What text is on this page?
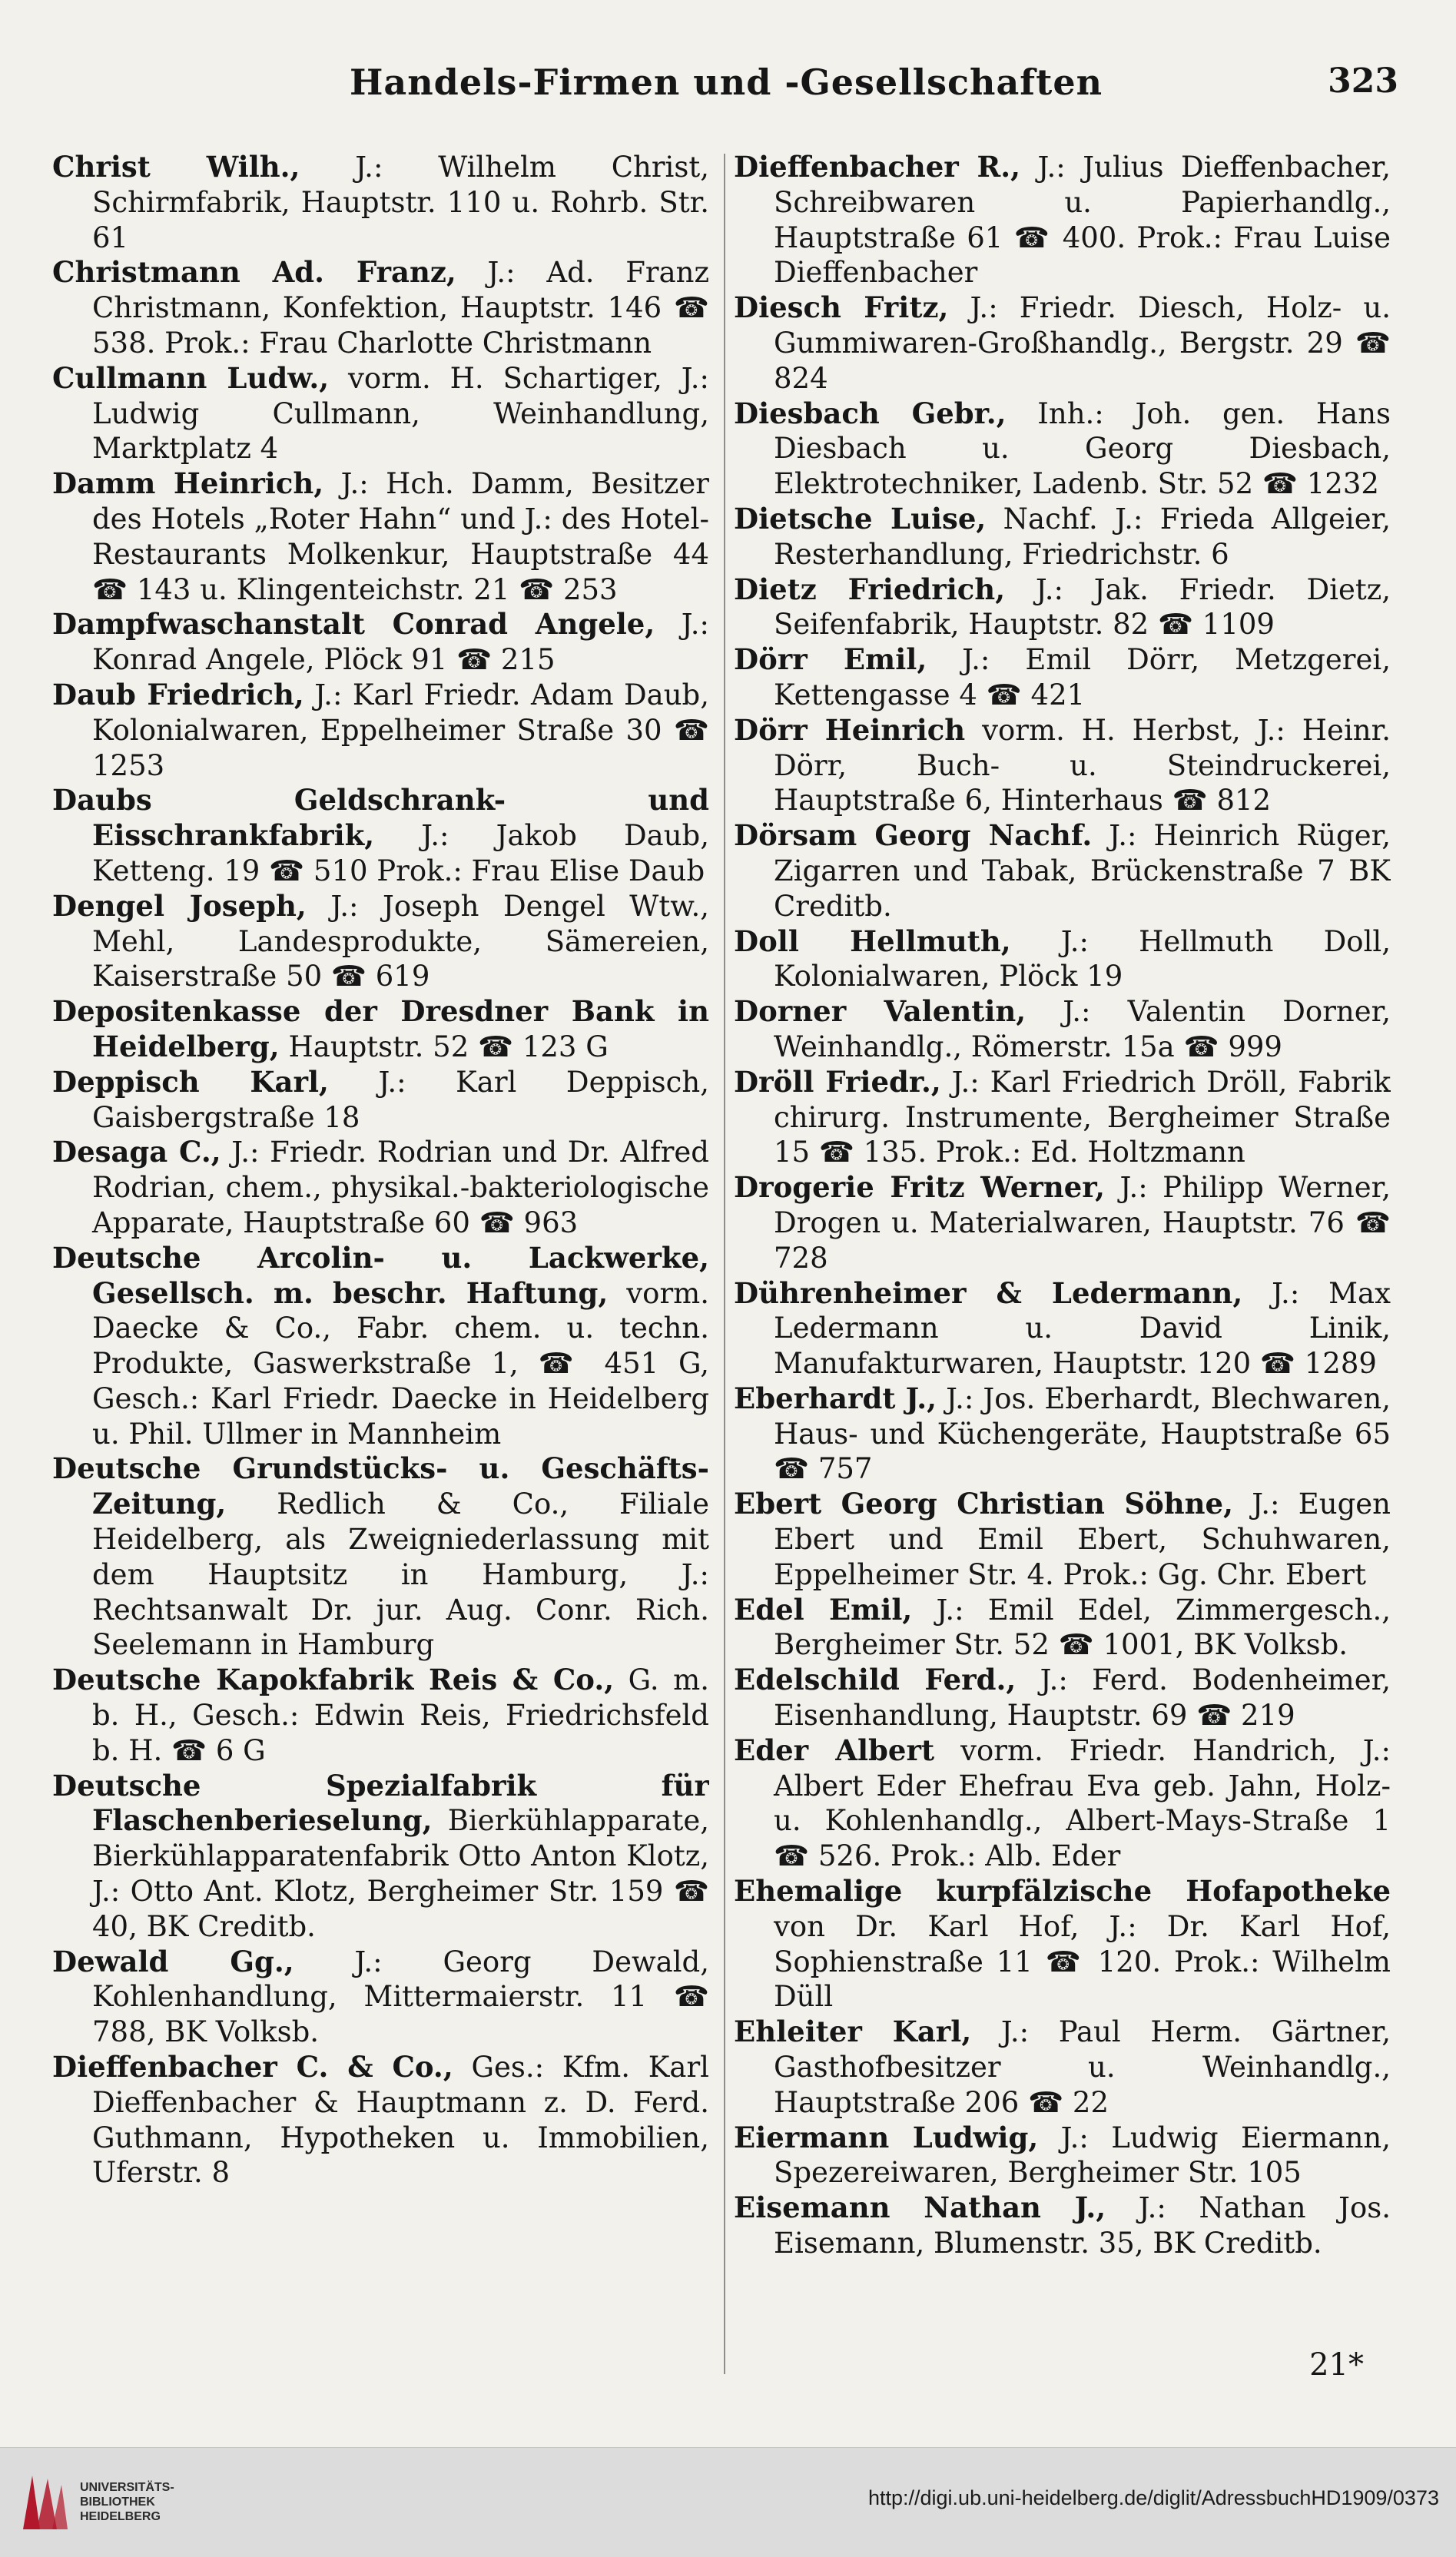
Handels-Firmen und -Gesellschaften	323

Christ Wilh., J.: Wilhelm Christ, Schirmfabrik, Hauptstr. 110 u. Rohrb. Str. 61

Christmann Ad. Franz, J.: Ad. Franz Christmann, Konfektion, Hauptstr. 146 ☎ 538. Prok.: Frau Charlotte Christmann

Cullmann Ludw., vorm. H. Schartiger, J.: Ludwig Cullmann, Weinhandlung, Marktplatz 4

Damm Heinrich, J.: Hch. Damm, Besitzer des Hotels „Roter Hahn“ und J.: des Hotel-Restaurants Molkenkur, Hauptstraße 44 ☎ 143 u. Klingenteichstr. 21 ☎ 253

Dampfwaschanstalt Conrad Angele, J.: Konrad Angele, Plöck 91 ☎ 215

Daub Friedrich, J.: Karl Friedr. Adam Daub, Kolonialwaren, Eppelheimer Straße 30 ☎ 1253

Daubs Geldschrank- und Eisschrankfabrik, J.: Jakob Daub, Ketteng. 19 ☎ 510 Prok.: Frau Elise Daub

Dengel Joseph, J.: Joseph Dengel Wtw., Mehl, Landesprodukte, Sämereien, Kaiserstraße 50 ☎ 619

Depositenkasse der Dresdner Bank in Heidelberg, Hauptstr. 52 ☎ 123 G

Deppisch Karl, J.: Karl Deppisch, Gaisbergstraße 18

Desaga C., J.: Friedr. Rodrian und Dr. Alfred Rodrian, chem., physikal.-bakteriologische Apparate, Hauptstraße 60 ☎ 963

Deutsche Arcolin- u. Lackwerke, Gesellsch. m. beschr. Haftung, vorm. Daecke & Co., Fabr. chem. u. techn. Produkte, Gaswerkstraße 1, ☎ 451 G, Gesch.: Karl Friedr. Daecke in Heidelberg u. Phil. Ullmer in Mannheim

Deutsche Grundstücks- u. Geschäfts-Zeitung, Redlich & Co., Filiale Heidelberg, als Zweigniederlassung mit dem Hauptsitz in Hamburg, J.: Rechtsanwalt Dr. jur. Aug. Conr. Rich. Seelemann in Hamburg

Deutsche Kapokfabrik Reis & Co., G. m. b. H., Gesch.: Edwin Reis, Friedrichsfeld b. H. ☎ 6 G

Deutsche Spezialfabrik für Flaschenberieselung, Bierkühlapparate, Bierkühlapparatenfabrik Otto Anton Klotz, J.: Otto Ant. Klotz, Bergheimer Str. 159 ☎ 40, BK Creditb.

Dewald Gg., J.: Georg Dewald, Kohlenhandlung, Mittermaierstr. 11 ☎ 788, BK Volksb.

Dieffenbacher C. & Co., Ges.: Kfm. Karl Dieffenbacher & Hauptmann z. D. Ferd. Guthmann, Hypotheken u. Immobilien, Uferstr. 8

Dieffenbacher R., J.: Julius Dieffenbacher, Schreibwaren u. Papierhandlg., Hauptstraße 61 ☎ 400. Prok.: Frau Luise Dieffenbacher

Diesch Fritz, J.: Friedr. Diesch, Holz- u. Gummiwaren-Großhandlg., Bergstr. 29 ☎ 824

Diesbach Gebr., Inh.: Joh. gen. Hans Diesbach u. Georg Diesbach, Elektrotechniker, Ladenb. Str. 52 ☎ 1232

Dietsche Luise, Nachf. J.: Frieda Allgeier, Resterhandlung, Friedrichstr. 6

Dietz Friedrich, J.: Jak. Friedr. Dietz, Seifenfabrik, Hauptstr. 82 ☎ 1109

Dörr Emil, J.: Emil Dörr, Metzgerei, Kettengasse 4 ☎ 421

Dörr Heinrich vorm. H. Herbst, J.: Heinr. Dörr, Buch- u. Steindruckerei, Hauptstraße 6, Hinterhaus ☎ 812

Dörsam Georg Nachf. J.: Heinrich Rüger, Zigarren und Tabak, Brückenstraße 7 BK Creditb.

Doll Hellmuth, J.: Hellmuth Doll, Kolonialwaren, Plöck 19

Dorner Valentin, J.: Valentin Dorner, Weinhandlg., Römerstr. 15a ☎ 999

Dröll Friedr., J.: Karl Friedrich Dröll, Fabrik chirurg. Instrumente, Bergheimer Straße 15 ☎ 135. Prok.: Ed. Holtzmann

Drogerie Fritz Werner, J.: Philipp Werner, Drogen u. Materialwaren, Hauptstr. 76 ☎ 728

Dührenheimer & Ledermann, J.: Max Ledermann u. David Linik, Manufakturwaren, Hauptstr. 120 ☎ 1289

Eberhardt J., J.: Jos. Eberhardt, Blechwaren, Haus- und Küchengeräte, Hauptstraße 65 ☎ 757

Ebert Georg Christian Söhne, J.: Eugen Ebert und Emil Ebert, Schuhwaren, Eppelheimer Str. 4. Prok.: Gg. Chr. Ebert

Edel Emil, J.: Emil Edel, Zimmergesch., Bergheimer Str. 52 ☎ 1001, BK Volksb.

Edelschild Ferd., J.: Ferd. Bodenheimer, Eisenhandlung, Hauptstr. 69 ☎ 219

Eder Albert vorm. Friedr. Handrich, J.: Albert Eder Ehefrau Eva geb. Jahn, Holz- u. Kohlenhandlg., Albert-Mays-Straße 1 ☎ 526. Prok.: Alb. Eder

Ehemalige kurpfälzische Hofapotheke von Dr. Karl Hof, J.: Dr. Karl Hof, Sophienstraße 11 ☎ 120. Prok.: Wilhelm Düll

Ehleiter Karl, J.: Paul Herm. Gärtner, Gasthofbesitzer u. Weinhandlg., Hauptstraße 206 ☎ 22

Eiermann Ludwig, J.: Ludwig Eiermann, Spezereiwaren, Bergheimer Str. 105

Eisemann Nathan J., J.: Nathan Jos. Eisemann, Blumenstr. 35, BK Creditb.

21*
UNIVERSITÄTS-
BIBLIOTHEK
HEIDELBERG
http://digi.ub.uni-heidelberg.de/diglit/AdressbuchHD1909/0373
